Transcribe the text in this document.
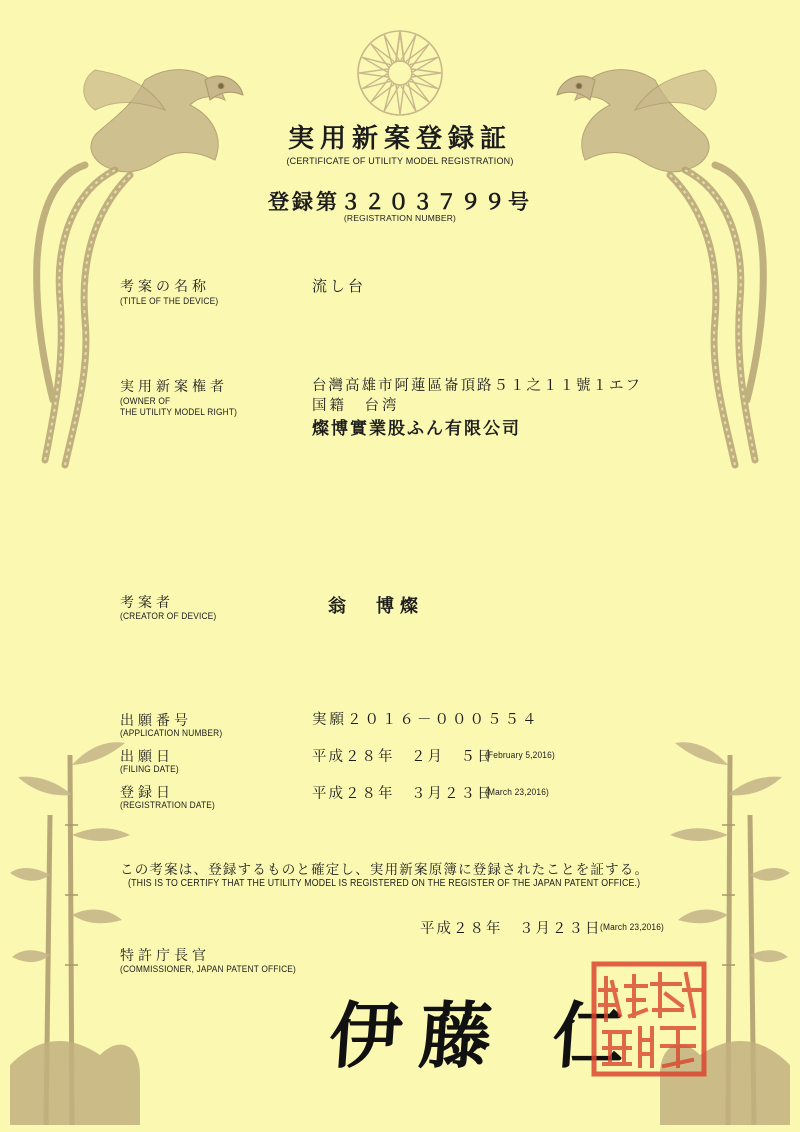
実用新案登録証
(CERTIFICATE OF UTILITY MODEL REGISTRATION)
登録第３２０３７９９号
(REGISTRATION NUMBER)
考案の名称
(TITLE OF THE DEVICE)
流し台
実用新案権者
(OWNER OF
THE UTILITY MODEL RIGHT)
台灣高雄市阿蓮區崙頂路５１之１１號１エフ
国籍　台湾
燦博實業股ふん有限公司
考案者
(CREATOR OF DEVICE)	翁　博燦
出願番号
(APPLICATION NUMBER)
実願２０１６－０００５５４
出願日
(FILING DATE)
平成２８年　２月　５日
(February 5,2016)
登録日
(REGISTRATION DATE)
平成２８年　３月２３日
(March 23,2016)
この考案は、登録するものと確定し、実用新案原簿に登録されたことを証する。
(THIS IS TO CERTIFY THAT THE UTILITY MODEL IS REGISTERED ON THE REGISTER OF THE JAPAN PATENT OFFICE.)
平成２８年　３月２３日
(March 23,2016)
特許庁長官
(COMMISSIONER, JAPAN PATENT OFFICE)
伊藤 仁
